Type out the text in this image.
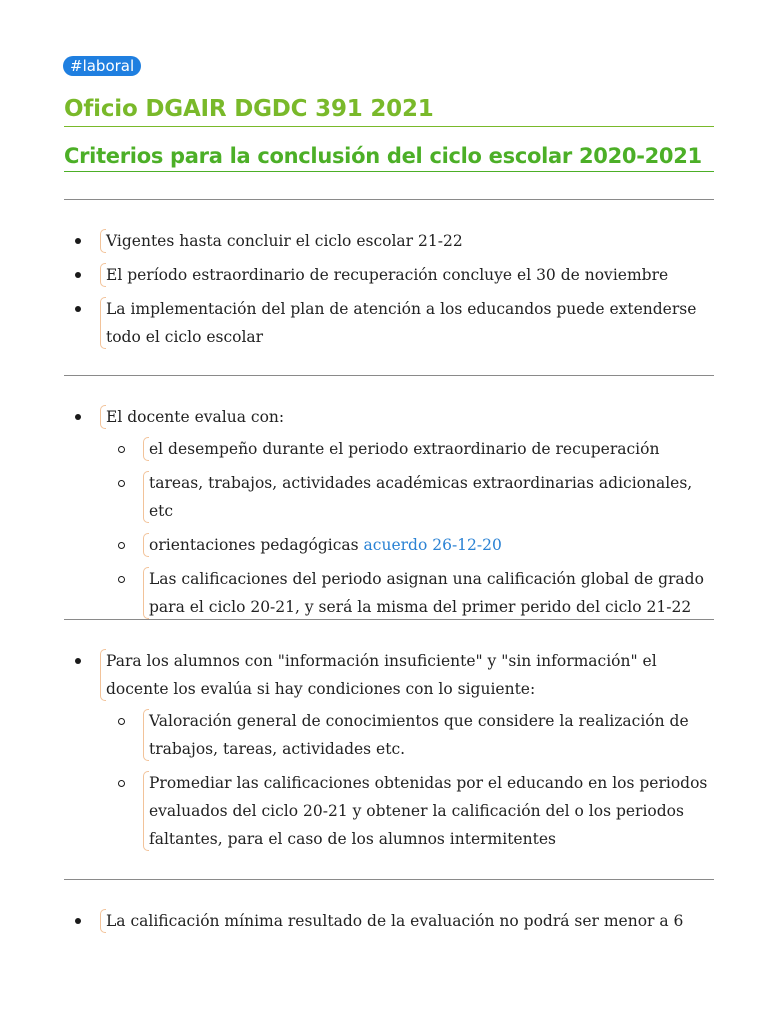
#laboral
Oficio DGAIR DGDC 391 2021
Criterios para la conclusión del ciclo escolar 2020-2021
Vigentes hasta concluir el ciclo escolar 21-22
El período estraordinario de recuperación concluye el 30 de noviembre
La implementación del plan de atención a los educandos puede extenderse todo el ciclo escolar
El docente evalua con:
el desempeño durante el periodo extraordinario de recuperación
tareas, trabajos, actividades académicas extraordinarias adicionales, etc
orientaciones pedagógicas acuerdo 26-12-20
Las calificaciones del periodo asignan una calificación global de grado para el ciclo 20-21, y será la misma del primer perido del ciclo 21-22
Para los alumnos con "información insuficiente" y "sin información" el docente los evalúa si hay condiciones con lo siguiente:
Valoración general de conocimientos que considere la realización de trabajos, tareas, actividades etc.
Promediar las calificaciones obtenidas por el educando en los periodos evaluados del ciclo 20-21 y obtener la calificación del o los periodos faltantes, para el caso de los alumnos intermitentes
La calificación mínima resultado de la evaluación no podrá ser menor a 6
